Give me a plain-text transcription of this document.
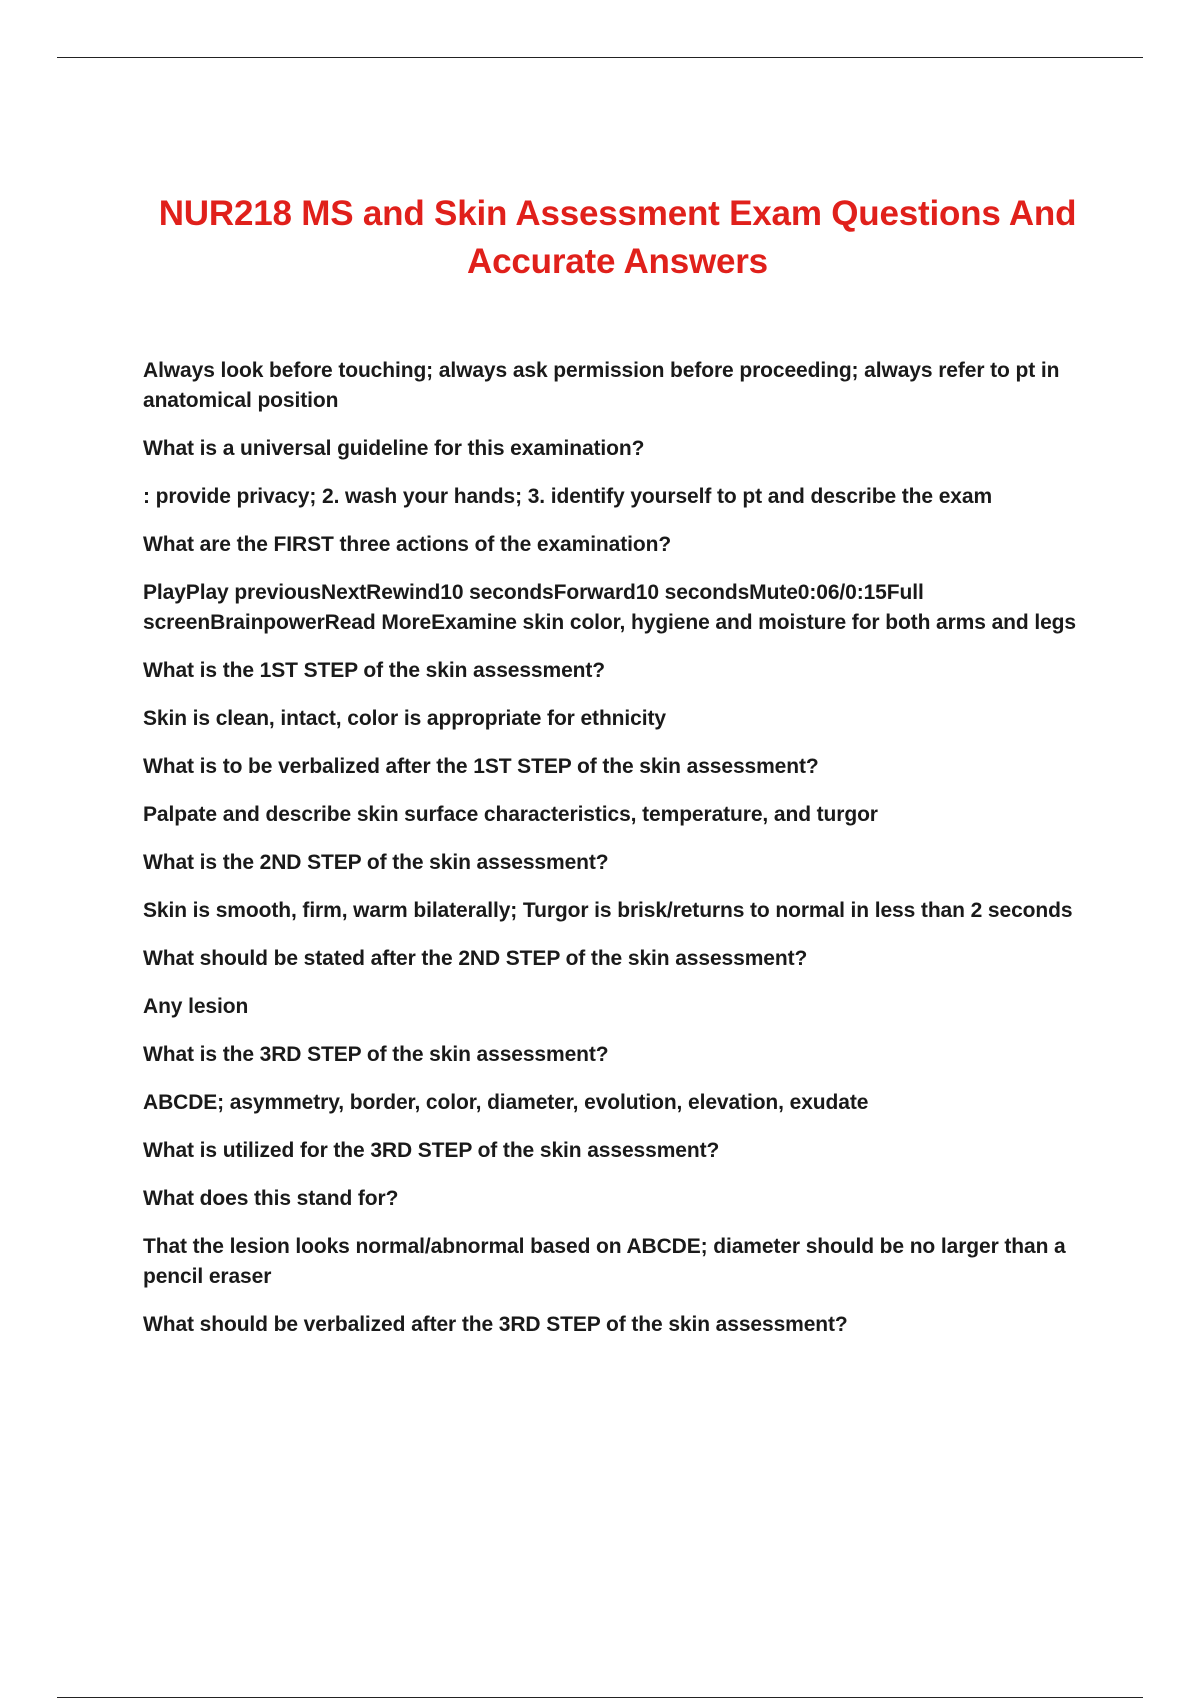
NUR218 MS and Skin Assessment Exam Questions And Accurate Answers

Always look before touching; always ask permission before proceeding; always refer to pt in anatomical position

What is a universal guideline for this examination?

: provide privacy; 2. wash your hands; 3. identify yourself to pt and describe the exam

What are the FIRST three actions of the examination?

PlayPlay previousNextRewind10 secondsForward10 secondsMute0:06/0:15Full screenBrainpowerRead MoreExamine skin color, hygiene and moisture for both arms and legs

What is the 1ST STEP of the skin assessment?

Skin is clean, intact, color is appropriate for ethnicity

What is to be verbalized after the 1ST STEP of the skin assessment?

Palpate and describe skin surface characteristics, temperature, and turgor

What is the 2ND STEP of the skin assessment?

Skin is smooth, firm, warm bilaterally; Turgor is brisk/returns to normal in less than 2 seconds

What should be stated after the 2ND STEP of the skin assessment?

Any lesion

What is the 3RD STEP of the skin assessment?

ABCDE; asymmetry, border, color, diameter, evolution, elevation, exudate

What is utilized for the 3RD STEP of the skin assessment?

What does this stand for?

That the lesion looks normal/abnormal based on ABCDE; diameter should be no larger than a pencil eraser

What should be verbalized after the 3RD STEP of the skin assessment?
